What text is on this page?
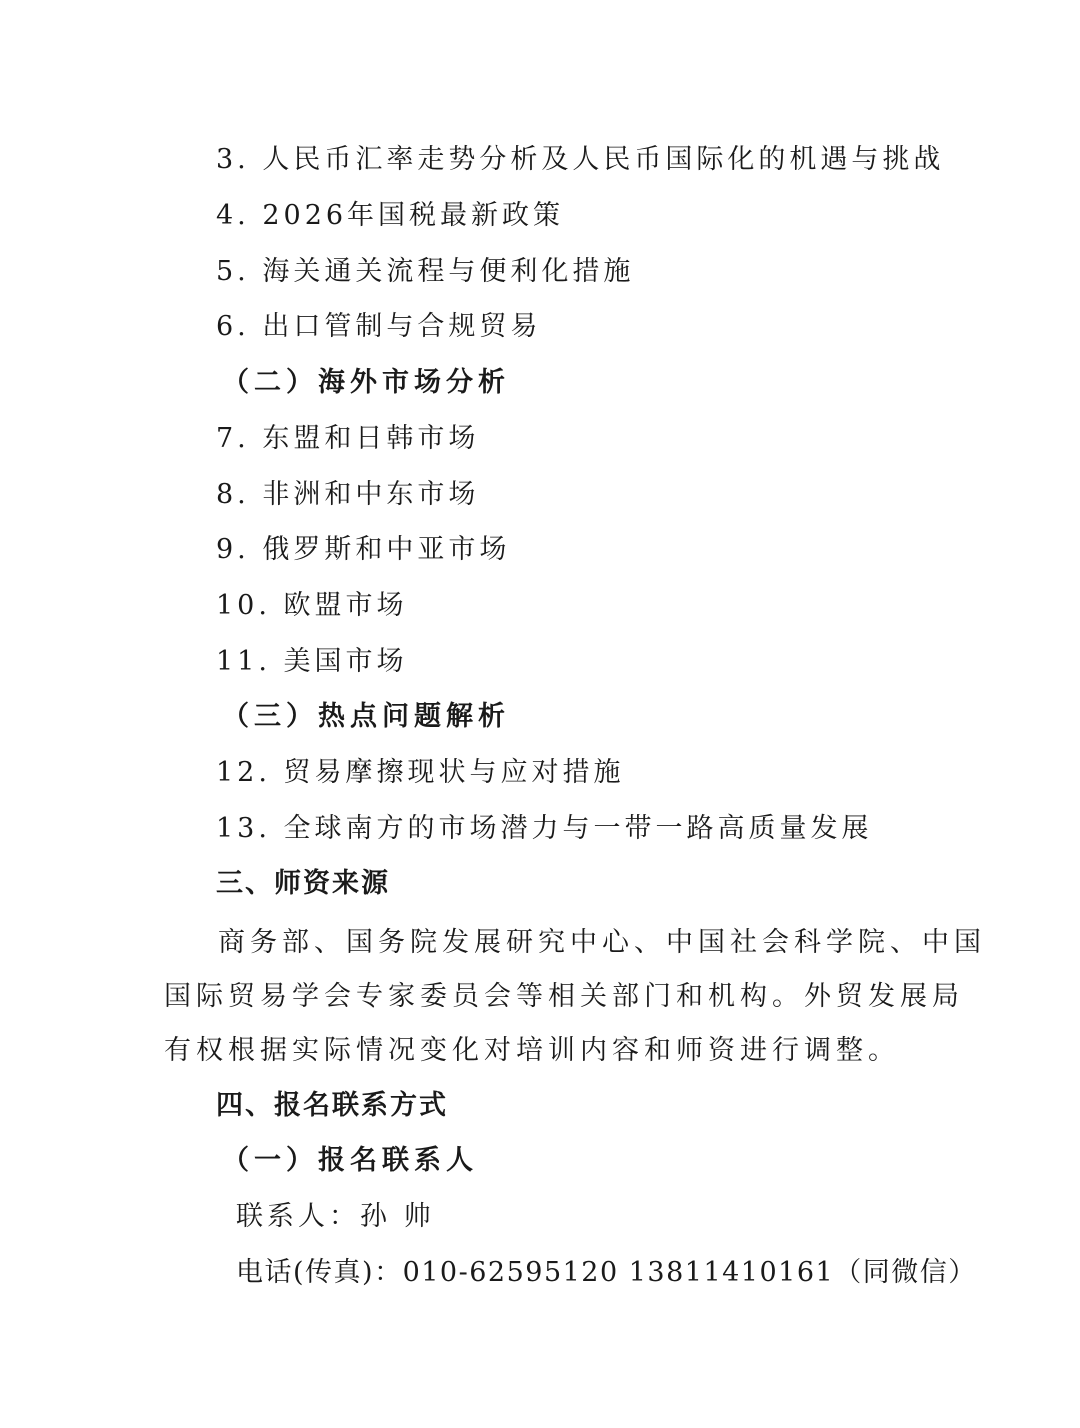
3. 人民币汇率走势分析及人民币国际化的机遇与挑战
4. 2026年国税最新政策
5. 海关通关流程与便利化措施
6. 出口管制与合规贸易
（二）海外市场分析
7. 东盟和日韩市场
8. 非洲和中东市场
9. 俄罗斯和中亚市场
10. 欧盟市场
11. 美国市场
（三）热点问题解析
12. 贸易摩擦现状与应对措施
13. 全球南方的市场潜力与一带一路高质量发展
三、师资来源
商务部、国务院发展研究中心、中国社会科学院、中国
国际贸易学会专家委员会等相关部门和机构。外贸发展局
有权根据实际情况变化对培训内容和师资进行调整。
四、报名联系方式
（一）报名联系人
联系人：孙 帅
电话(传真)：010-62595120 13811410161（同微信）
